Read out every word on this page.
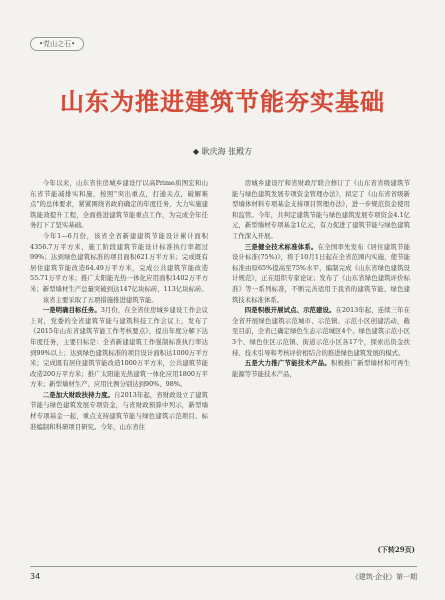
•党山之石•
山东为推进建筑节能夯实基础
◆ 耿庆海 张殿方

今年以来，山东省住房城乡建设厅以高Prime质图宏和山东省节能减排实和施，按照"突出重点，打通关点，破解难点"的总体要求，紧紧围绕省政府确定的年度任务，大力实施建筑能效提升工程，全面推进建筑节能重点工作，为完成全年任务打下了坚实基础。

今年1—6月份，该省全省新建建筑节能设计累计面积4356.7万平方米，施工阶段建筑节能设计标准执行率超过99%；达到绿色建筑标准的项目面积621万平方米；完成既有居住建筑节能改造64.49万平方米，完成公共建筑节能改造55.71万平方米；推广太阳能光热一体化应用面积1402万平方米；新型墙材生产总量突破到达147亿块标砖，113亿块标砖。

该省主要采取了五项措施推进建筑节能。

一是明确目标任务。3月份，在全省住房城乡建设工作会议上对，党委的全省建筑节能与建筑科技工作会议上，发布了《2015年山东省建筑节能工作考核要点》，提出年度分解下达年度任务，主要目标是：全省新建建筑工作强制标准执行率达到99%以上；达到绿色建筑标准的项目设计面积达1000万平方米；完成既有居住建筑节能改造1000万平方米，公共建筑节能改造200万平方米；推广太阳能光热建筑一体化应用1800万平方米；新型墙材生产、应用比例分别达到90%、98%。

二是加大财政扶持力度。自2013年起，省财政设立了建筑节能与绿色建筑发展专项资金，与省财政预算中列示，新型墙材专项基金一起，重点支持建筑节能与绿色建筑示范项目、标准编制和科研项目研究。今年，山东省住

房城乡建设厅和省财政厅联合修订了《山东省省级建筑节能与绿色建筑发展专项资金管理办法》，拟定了《山东省省级新型墙体材料专项基金支持项目管理办法》，进一步规范资金使用和监管。今年，共判定建筑节能与绿色建筑发展专项资金4.1亿元，新型墙材专项基金1亿元，有力促进了建筑节能与绿色建筑工作深入开展。

三是健全技术标准体系。在全国率先发布《居住建筑节能设计标准(75%)》，将于10月1日起在全省范围内实施，使节能标准由原65%提高至75%水平，编制完成《山东省绿色建筑设计规范》，正在组织专家论证；发布了《山东省绿色建筑评价标准》等一系列标准，不断完善适用于我省的建筑节能、绿色建筑技术标准体系。

四是积极开展试点、示范建设。在2013年起，连续三年在全省开展绿色建筑示范城市、示范镇、示范小区创建活动，截至目前，全省已确定绿色生态示范城区4个、绿色建筑示范小区3个、绿色住区示范镇、街道示范小区各17个，探索出资金扶持、技术引导和考核评价相结合的推进绿色建筑发展的模式。

五是大力推广节能技术产品。积极推广新型墙材和可再生能源等节能技术产品，

(下转29页)
34	《建筑·企业》第一期
